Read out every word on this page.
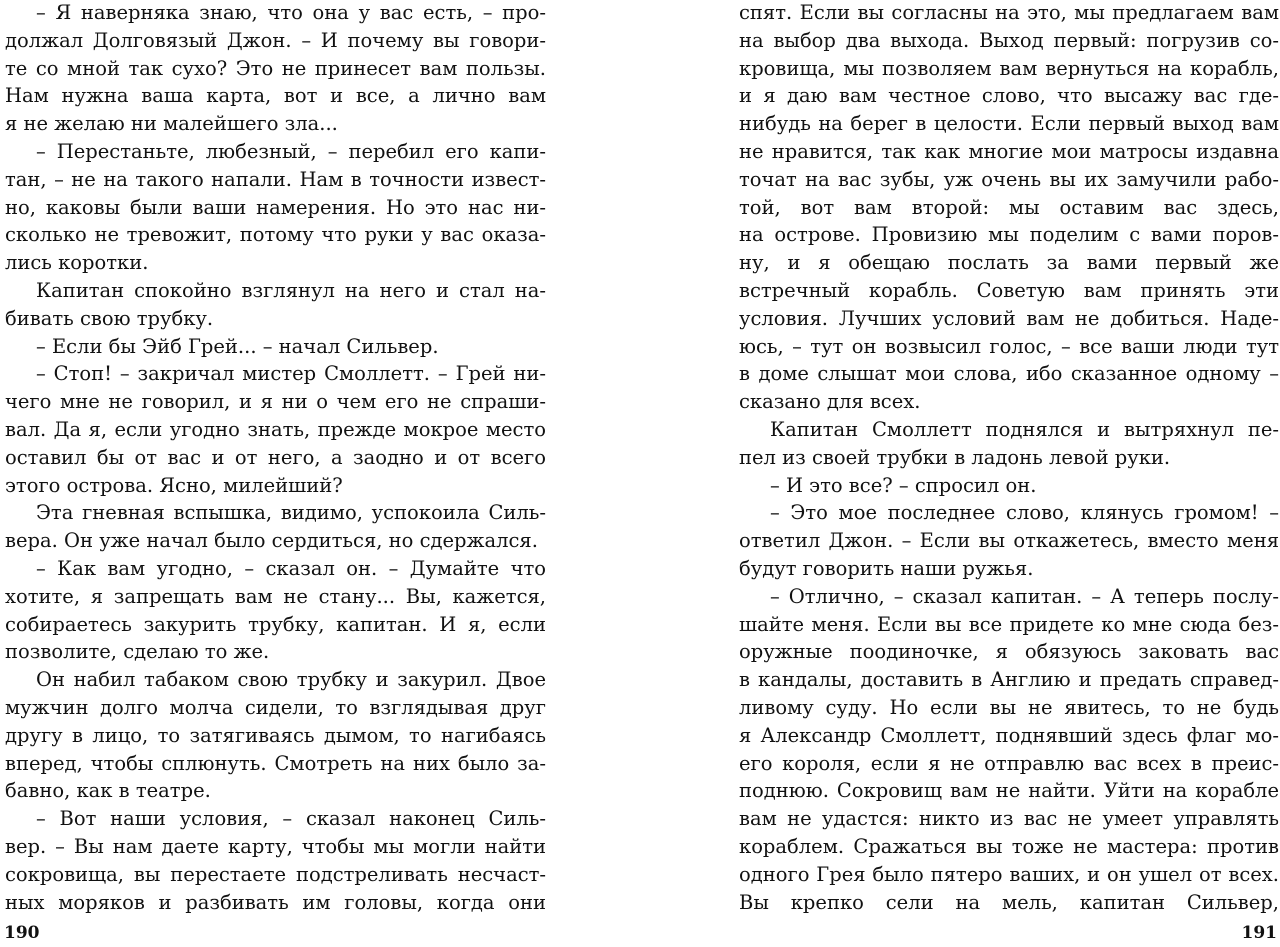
– Я наверняка знаю, что она у вас есть, – про-
должал Долговязый Джон. – И почему вы говори-
те со мной так сухо? Это не принесет вам пользы.
Нам нужна ваша карта, вот и все, а лично вам
я не желаю ни малейшего зла...
– Перестаньте, любезный, – перебил его капи-
тан, – не на такого напали. Нам в точности извест-
но, каковы были ваши намерения. Но это нас ни-
сколько не тревожит, потому что руки у вас оказа-
лись коротки.
Капитан спокойно взглянул на него и стал на-
бивать свою трубку.
– Если бы Эйб Грей... – начал Сильвер.
– Стоп! – закричал мистер Смоллетт. – Грей ни-
чего мне не говорил, и я ни о чем его не спраши-
вал. Да я, если угодно знать, прежде мокрое место
оставил бы от вас и от него, а заодно и от всего
этого острова. Ясно, милейший?
Эта гневная вспышка, видимо, успокоила Силь-
вера. Он уже начал было сердиться, но сдержался.
– Как вам угодно, – сказал он. – Думайте что
хотите, я запрещать вам не стану... Вы, кажется,
собираетесь закурить трубку, капитан. И я, если
позволите, сделаю то же.
Он набил табаком свою трубку и закурил. Двое
мужчин долго молча сидели, то взглядывая друг
другу в лицо, то затягиваясь дымом, то нагибаясь
вперед, чтобы сплюнуть. Смотреть на них было за-
бавно, как в театре.
– Вот наши условия, – сказал наконец Силь-
вер. – Вы нам даете карту, чтобы мы могли найти
сокровища, вы перестаете подстреливать несчаст-
ных моряков и разбивать им головы, когда они
спят. Если вы согласны на это, мы предлагаем вам
на выбор два выхода. Выход первый: погрузив со-
кровища, мы позволяем вам вернуться на корабль,
и я даю вам честное слово, что высажу вас где-
нибудь на берег в целости. Если первый выход вам
не нравится, так как многие мои матросы издавна
точат на вас зубы, уж очень вы их замучили рабо-
той, вот вам второй: мы оставим вас здесь,
на острове. Провизию мы поделим с вами поров-
ну, и я обещаю послать за вами первый же
встречный корабль. Советую вам принять эти
условия. Лучших условий вам не добиться. Наде-
юсь, – тут он возвысил голос, – все ваши люди тут
в доме слышат мои слова, ибо сказанное одному –
сказано для всех.
Капитан Смоллетт поднялся и вытряхнул пе-
пел из своей трубки в ладонь левой руки.
– И это все? – спросил он.
– Это мое последнее слово, клянусь громом! –
ответил Джон. – Если вы откажетесь, вместо меня
будут говорить наши ружья.
– Отлично, – сказал капитан. – А теперь послу-
шайте меня. Если вы все придете ко мне сюда без-
оружные поодиночке, я обязуюсь заковать вас
в кандалы, доставить в Англию и предать справед-
ливому суду. Но если вы не явитесь, то не будь
я Александр Смоллетт, поднявший здесь флаг мо-
его короля, если я не отправлю вас всех в преис-
поднюю. Сокровищ вам не найти. Уйти на корабле
вам не удастся: никто из вас не умеет управлять
кораблем. Сражаться вы тоже не мастера: против
одного Грея было пятеро ваших, и он ушел от всех.
Вы крепко сели на мель, капитан Сильвер,
190	191
